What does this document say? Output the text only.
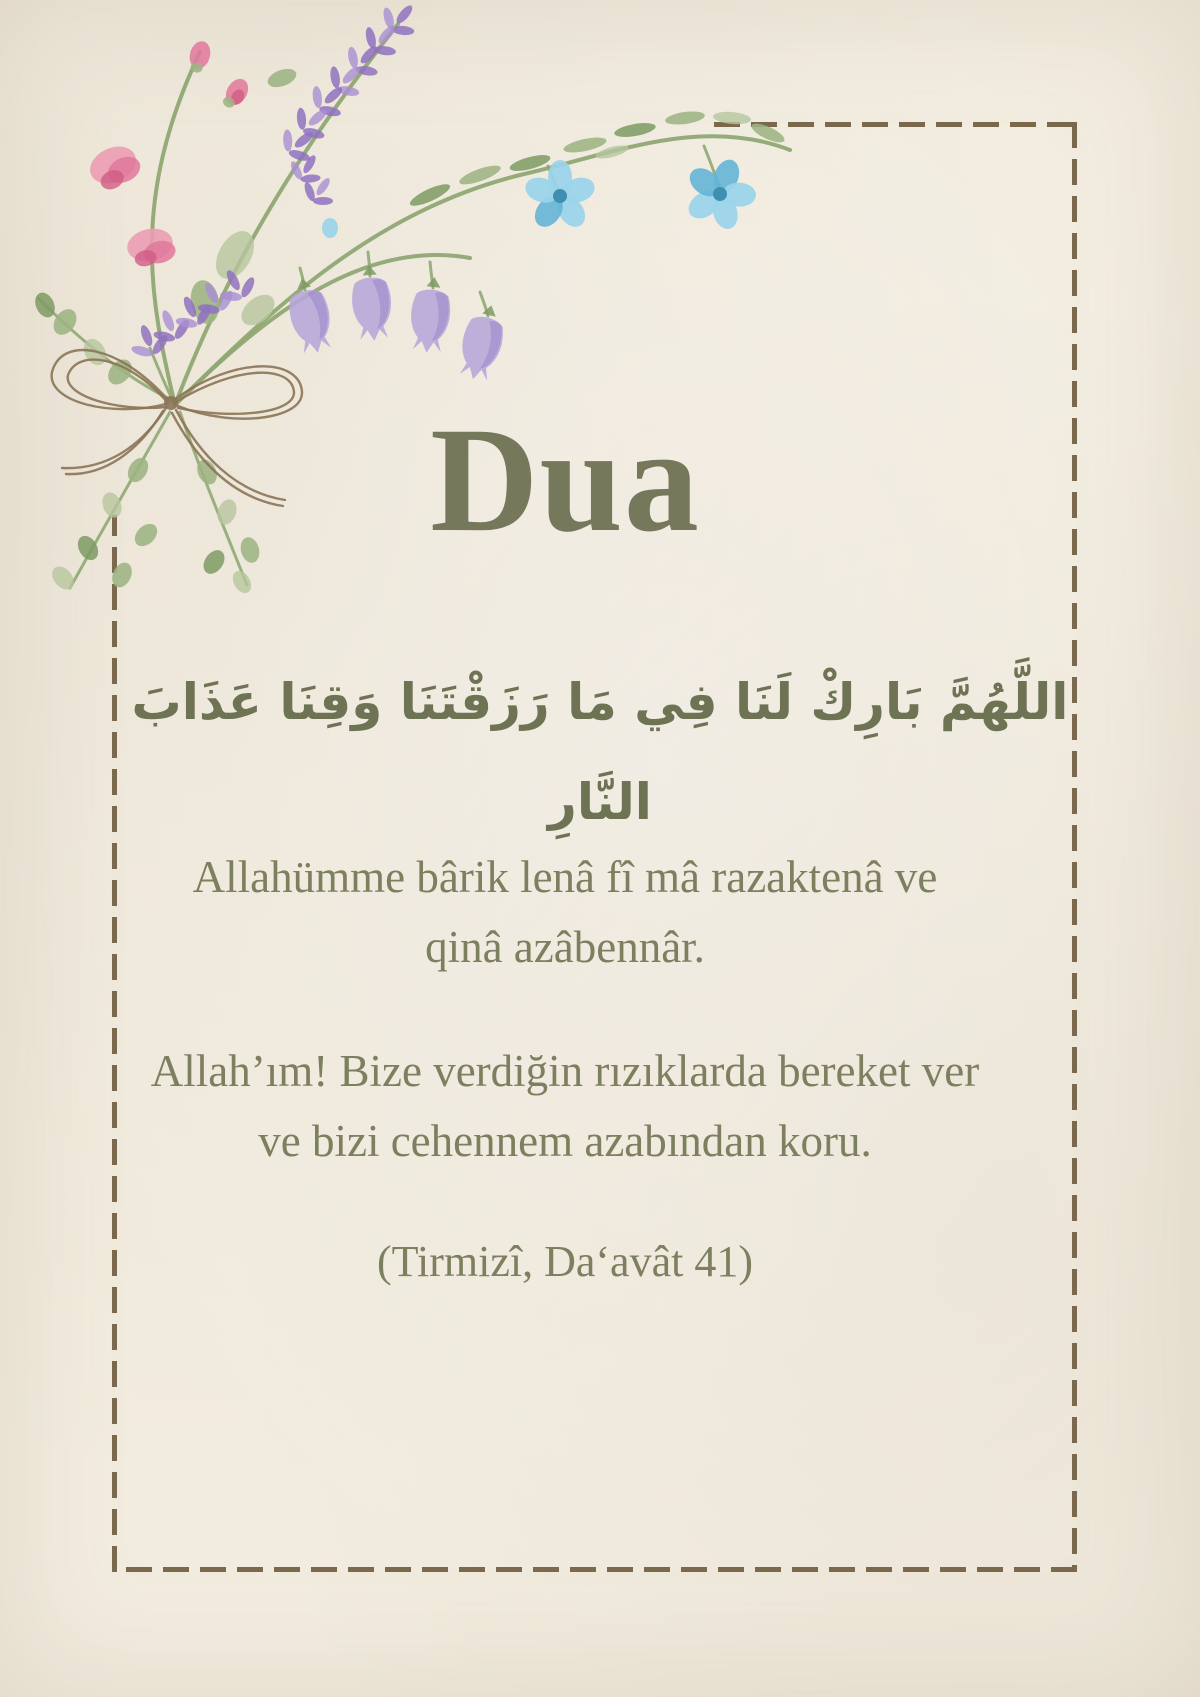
Dua
اللَّهُمَّ بَارِكْ لَنَا فِي مَا رَزَقْتَنَا وَقِنَا عَذَابَ النَّارِ
Allahümme bârik lenâ fî mâ razaktenâ ve
qinâ azâbennâr.
Allah’ım! Bize verdiğin rızıklarda bereket ver
ve bizi cehennem azabından koru.
(Tirmizî, Daʻavât 41)
